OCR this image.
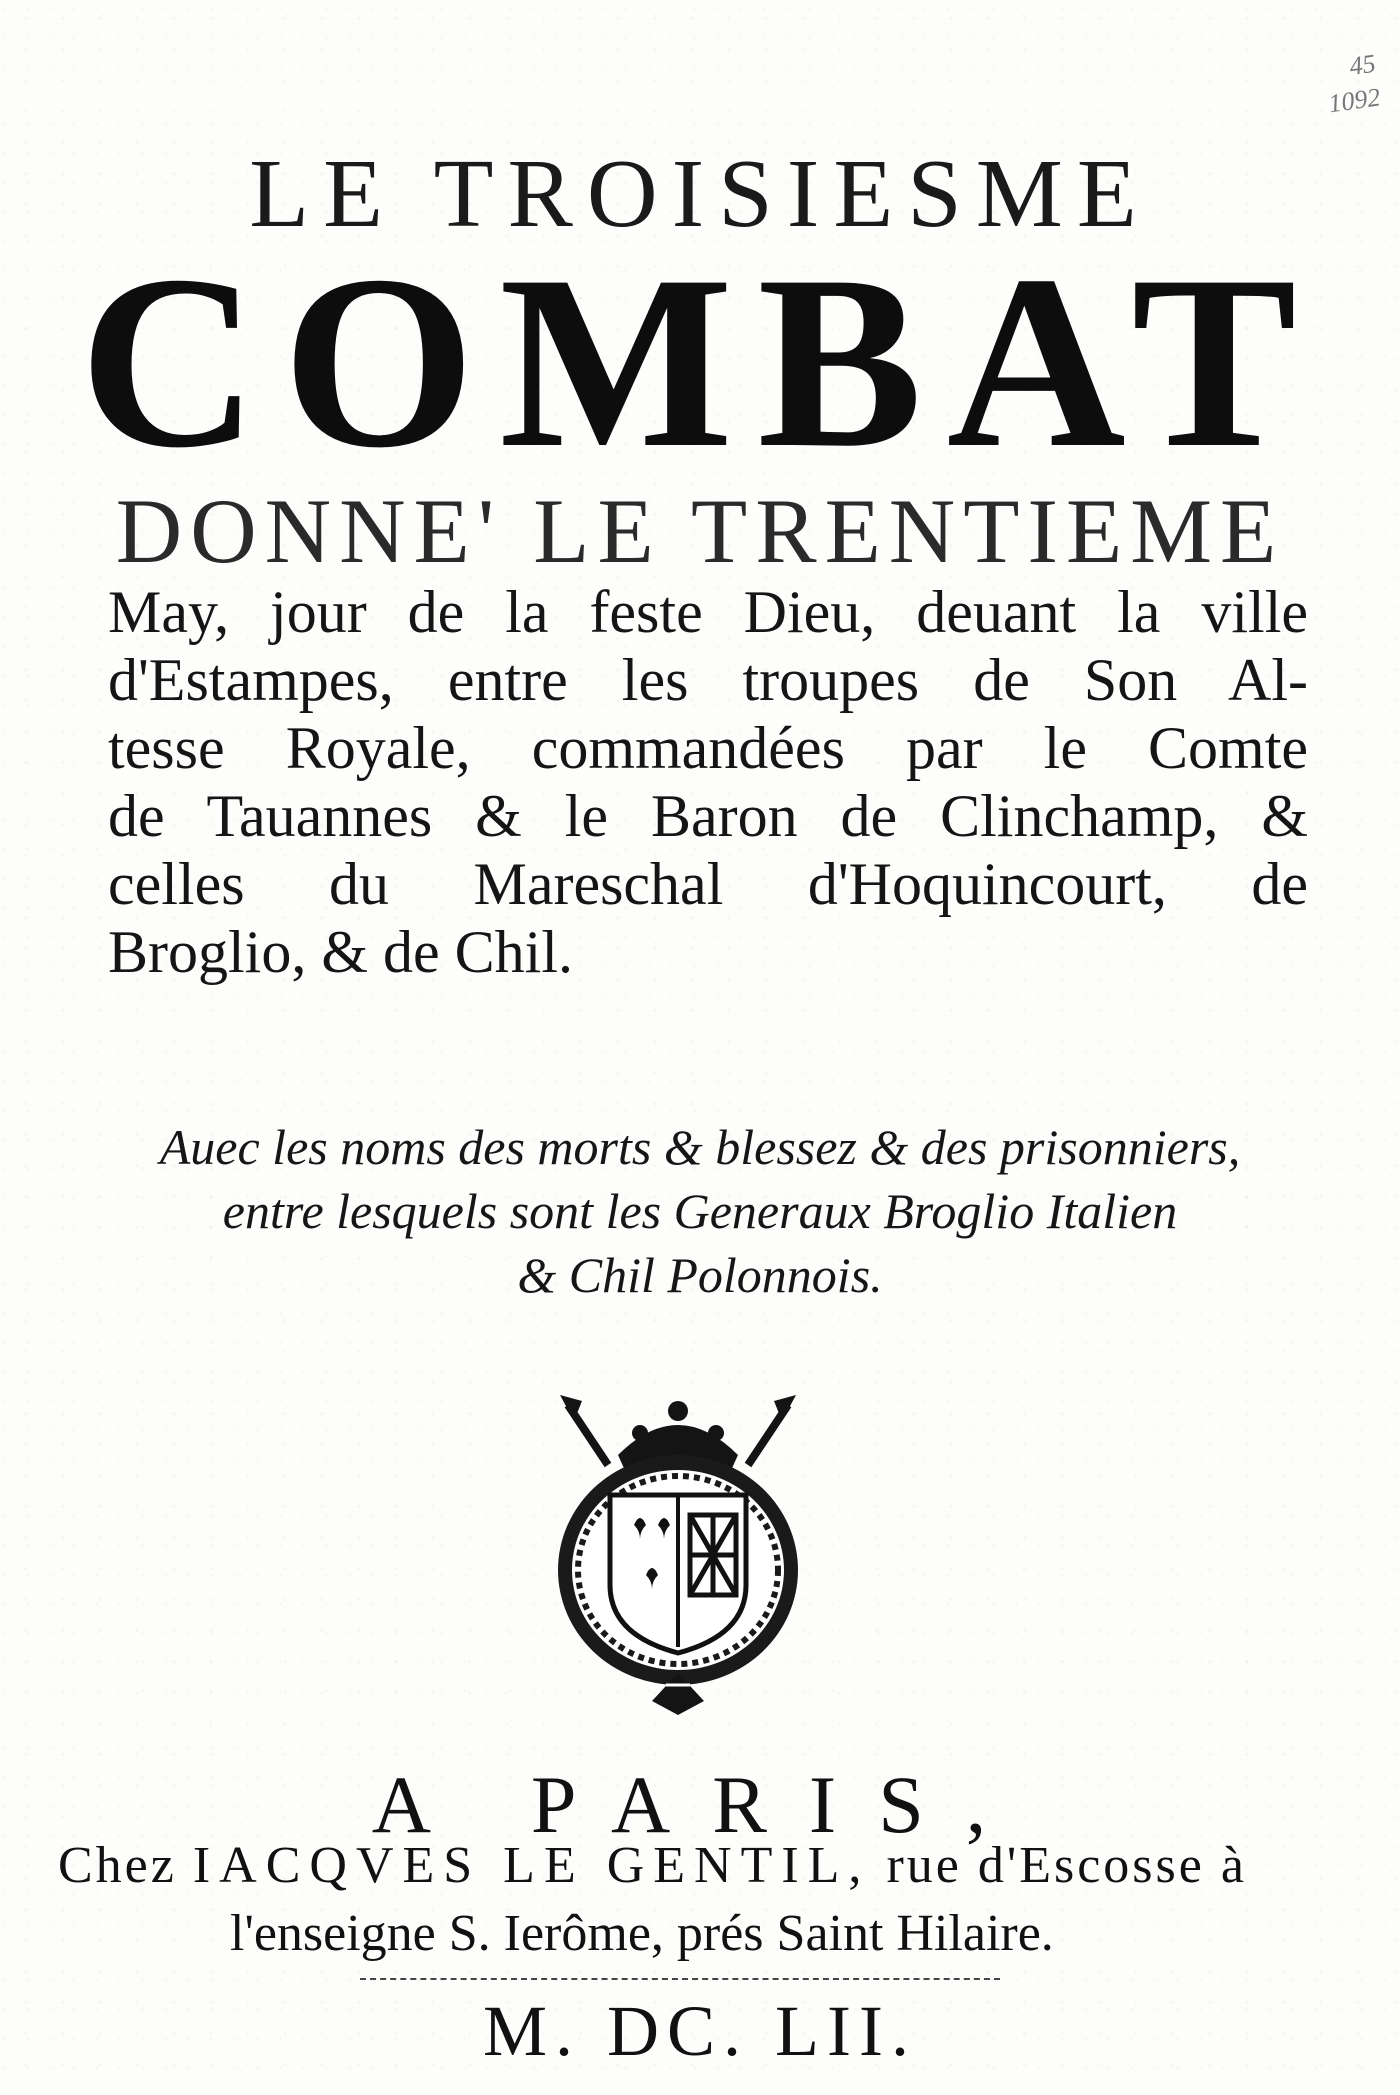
45
1092
LE TROISIESME
COMBAT
DONNE' LE TRENTIEME
May, jour de la feste Dieu, deuant la ville
d'Estampes, entre les troupes de Son Al-
tesse Royale, commandées par le Comte
de Tauannes & le Baron de Clinchamp, &
celles du Mareschal d'Hoquincourt, de
Broglio, & de Chil.
Auec les noms des morts & blessez & des prisonniers,
entre lesquels sont les Generaux Broglio Italien
& Chil Polonnois.
A PARIS,
Chez IACQVES LE GENTIL, rue d'Escosse à
l'enseigne S. Ierôme, prés Saint Hilaire.
M. DC. LII.
